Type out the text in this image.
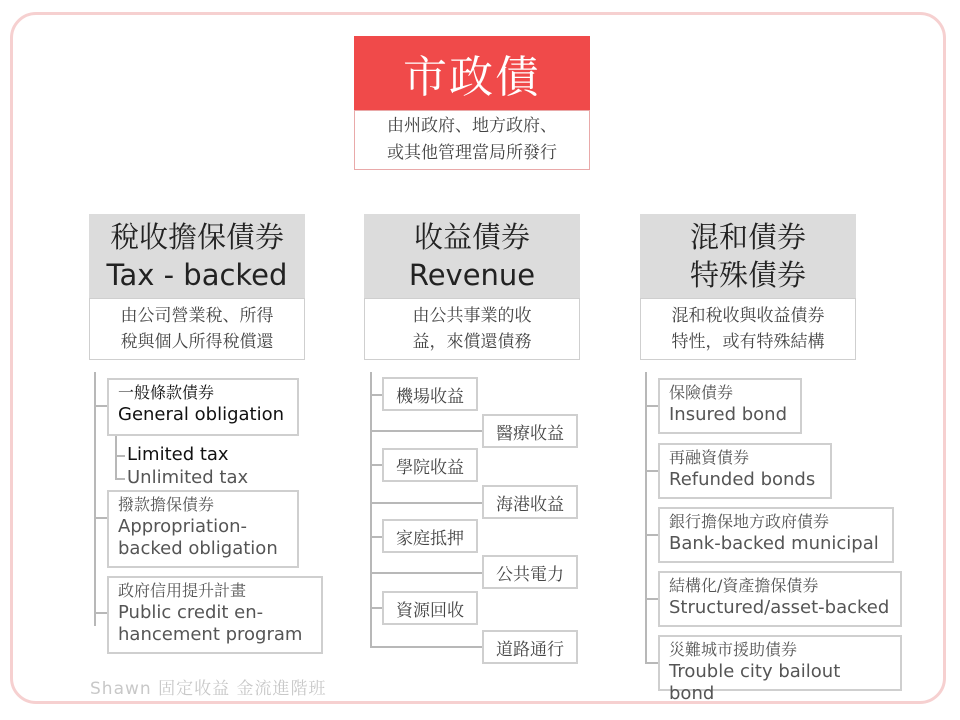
市政債
由州政府、地方政府、
或其他管理當局所發行
稅收擔保債券
Tax - backed
由公司營業稅、所得
稅與個人所得稅償還
一般條款債券
General obligation
Limited tax
Unlimited tax
撥款擔保債券
Appropriation-
backed obligation
政府信用提升計畫
Public credit en-
hancement program
收益債券
Revenue
由公共事業的收
益，來償還債務
機場收益
學院收益
家庭抵押
資源回收
醫療收益
海港收益
公共電力
道路通行
混和債券
特殊債券
混和稅收與收益債券
特性，或有特殊結構
保險債券
Insured bond
再融資債券
Refunded bonds
銀行擔保地方政府債券
Bank-backed municipal
結構化/資產擔保債券
Structured/asset-backed
災難城市援助債券
Trouble city bailout bond
Shawn 固定收益 金流進階班
